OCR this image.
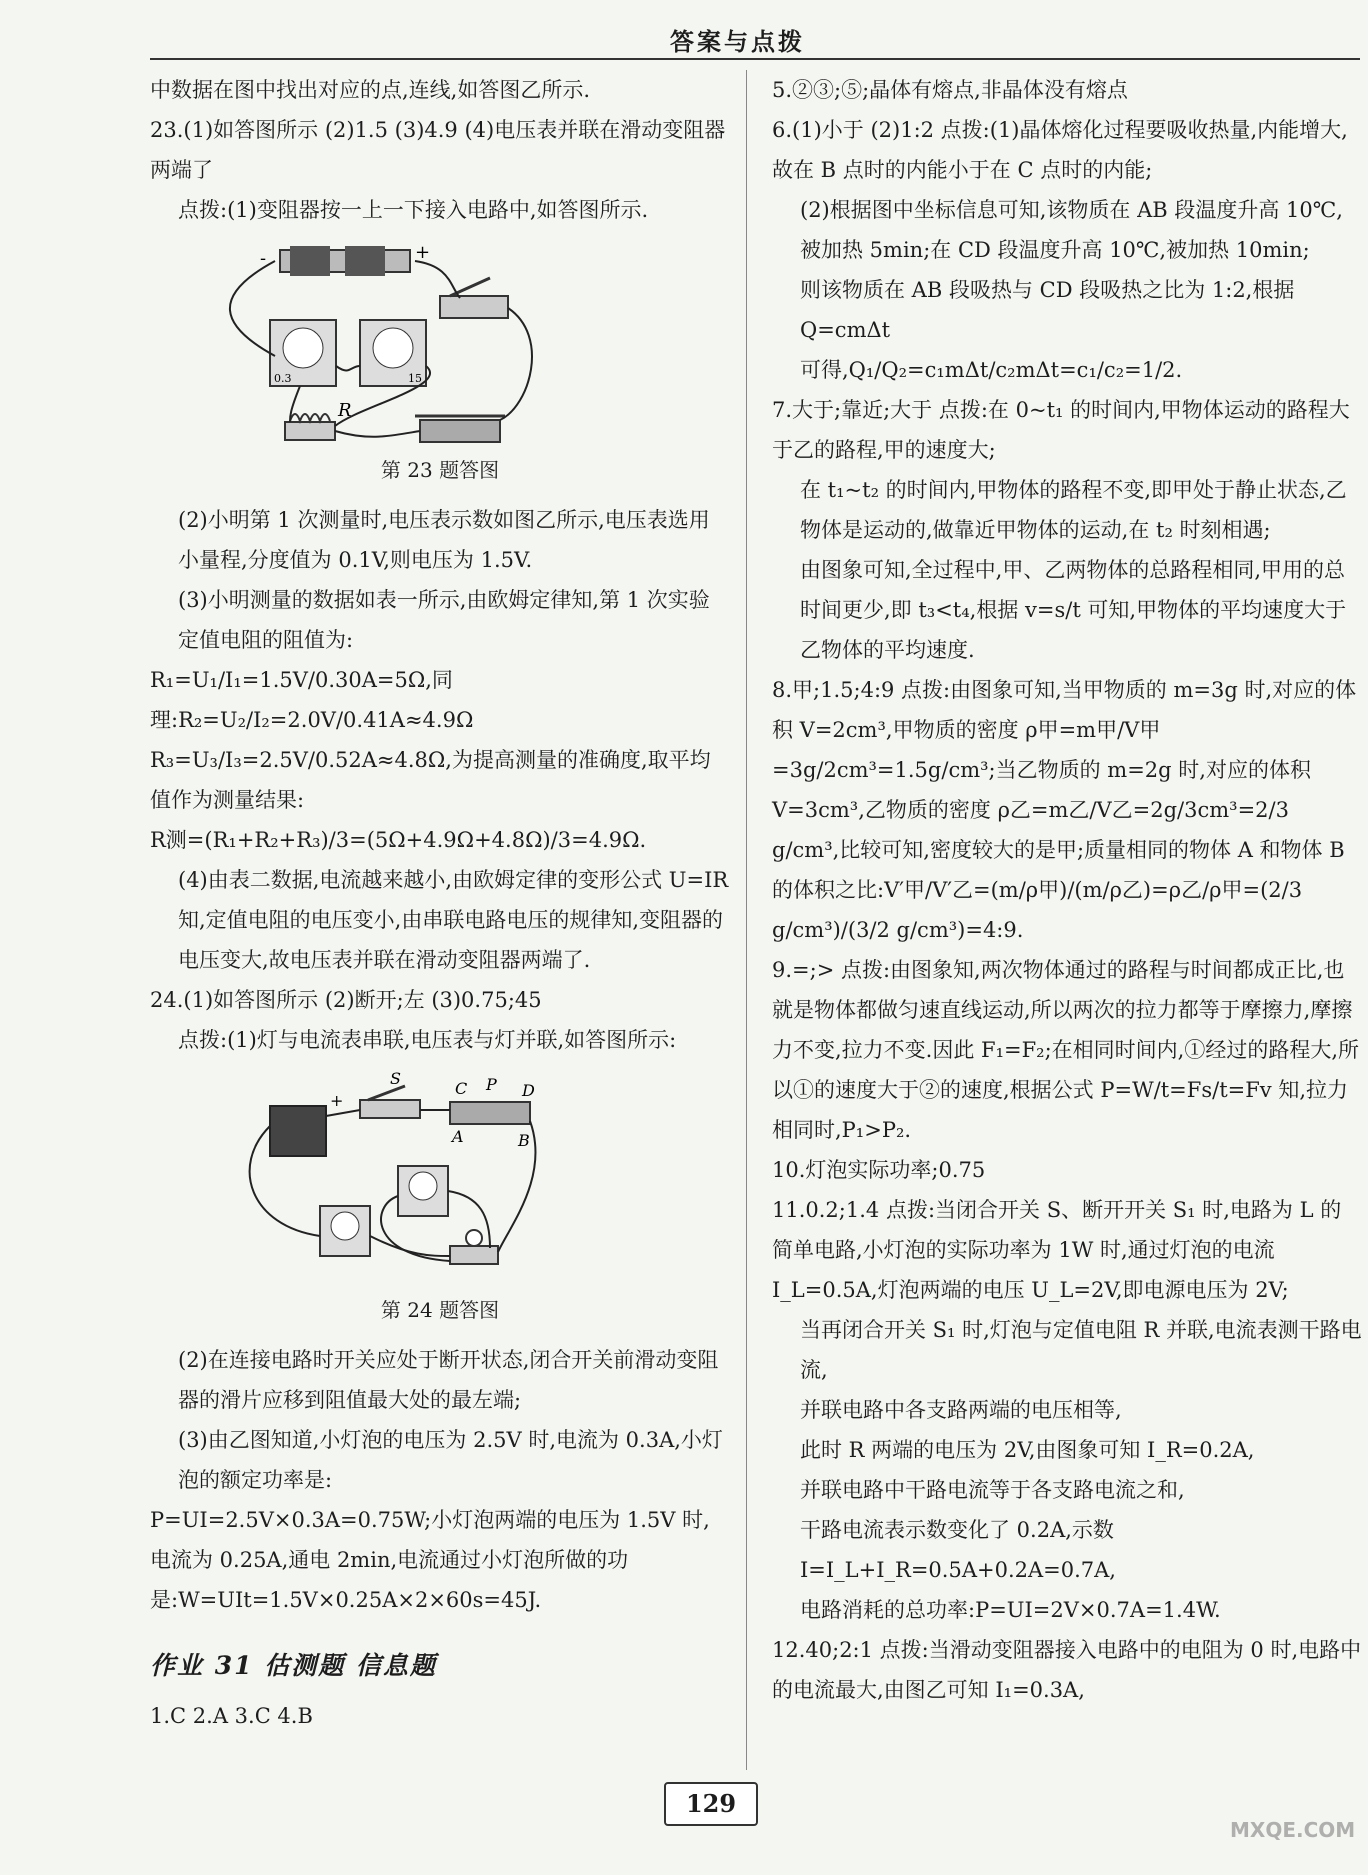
答案与点拨

中数据在图中找出对应的点,连线,如答图乙所示.

23.(1)如答图所示 (2)1.5 (3)4.9 (4)电压表并联在滑动变阻器两端了

点拨:(1)变阻器按一上一下接入电路中,如答图所示.

-	+
0.3	15
R
第 23 题答图

(2)小明第 1 次测量时,电压表示数如图乙所示,电压表选用小量程,分度值为 0.1V,则电压为 1.5V.

(3)小明测量的数据如表一所示,由欧姆定律知,第 1 次实验定值电阻的阻值为:

R₁=U₁/I₁=1.5V/0.30A=5Ω,同理:R₂=U₂/I₂=2.0V/0.41A≈4.9Ω

R₃=U₃/I₃=2.5V/0.52A≈4.8Ω,为提高测量的准确度,取平均值作为测量结果:

R测=(R₁+R₂+R₃)/3=(5Ω+4.9Ω+4.8Ω)/3=4.9Ω.

(4)由表二数据,电流越来越小,由欧姆定律的变形公式 U=IR 知,定值电阻的电压变小,由串联电路电压的规律知,变阻器的电压变大,故电压表并联在滑动变阻器两端了.

24.(1)如答图所示 (2)断开;左 (3)0.75;45

点拨:(1)灯与电流表串联,电压表与灯并联,如答图所示:

+
S
C P D
A	B
第 24 题答图

(2)在连接电路时开关应处于断开状态,闭合开关前滑动变阻器的滑片应移到阻值最大处的最左端;

(3)由乙图知道,小灯泡的电压为 2.5V 时,电流为 0.3A,小灯泡的额定功率是:

P=UI=2.5V×0.3A=0.75W;小灯泡两端的电压为 1.5V 时,电流为 0.25A,通电 2min,电流通过小灯泡所做的功是:W=UIt=1.5V×0.25A×2×60s=45J.

作业 31 估测题 信息题

1.C 2.A 3.C 4.B

5.②③;⑤;晶体有熔点,非晶体没有熔点

6.(1)小于 (2)1:2 点拨:(1)晶体熔化过程要吸收热量,内能增大,故在 B 点时的内能小于在 C 点时的内能;

(2)根据图中坐标信息可知,该物质在 AB 段温度升高 10℃,被加热 5min;在 CD 段温度升高 10℃,被加热 10min;

则该物质在 AB 段吸热与 CD 段吸热之比为 1:2,根据 Q=cmΔt

可得,Q₁/Q₂=c₁mΔt/c₂mΔt=c₁/c₂=1/2.

7.大于;靠近;大于 点拨:在 0~t₁ 的时间内,甲物体运动的路程大于乙的路程,甲的速度大;

在 t₁~t₂ 的时间内,甲物体的路程不变,即甲处于静止状态,乙物体是运动的,做靠近甲物体的运动,在 t₂ 时刻相遇;

由图象可知,全过程中,甲、乙两物体的总路程相同,甲用的总时间更少,即 t₃<t₄,根据 v=s/t 可知,甲物体的平均速度大于乙物体的平均速度.

8.甲;1.5;4:9 点拨:由图象可知,当甲物质的 m=3g 时,对应的体积 V=2cm³,甲物质的密度 ρ甲=m甲/V甲=3g/2cm³=1.5g/cm³;当乙物质的 m=2g 时,对应的体积 V=3cm³,乙物质的密度 ρ乙=m乙/V乙=2g/3cm³=2/3 g/cm³,比较可知,密度较大的是甲;质量相同的物体 A 和物体 B 的体积之比:V′甲/V′乙=(m/ρ甲)/(m/ρ乙)=ρ乙/ρ甲=(2/3 g/cm³)/(3/2 g/cm³)=4:9.

9.=;> 点拨:由图象知,两次物体通过的路程与时间都成正比,也就是物体都做匀速直线运动,所以两次的拉力都等于摩擦力,摩擦力不变,拉力不变.因此 F₁=F₂;在相同时间内,①经过的路程大,所以①的速度大于②的速度,根据公式 P=W/t=Fs/t=Fv 知,拉力相同时,P₁>P₂.

10.灯泡实际功率;0.75

11.0.2;1.4 点拨:当闭合开关 S、断开开关 S₁ 时,电路为 L 的简单电路,小灯泡的实际功率为 1W 时,通过灯泡的电流 I_L=0.5A,灯泡两端的电压 U_L=2V,即电源电压为 2V;

当再闭合开关 S₁ 时,灯泡与定值电阻 R 并联,电流表测干路电流,

并联电路中各支路两端的电压相等,

此时 R 两端的电压为 2V,由图象可知 I_R=0.2A,

并联电路中干路电流等于各支路电流之和,

干路电流表示数变化了 0.2A,示数 I=I_L+I_R=0.5A+0.2A=0.7A,

电路消耗的总功率:P=UI=2V×0.7A=1.4W.

12.40;2:1 点拨:当滑动变阻器接入电路中的电阻为 0 时,电路中的电流最大,由图乙可知 I₁=0.3A,

129
MXQE.COM
